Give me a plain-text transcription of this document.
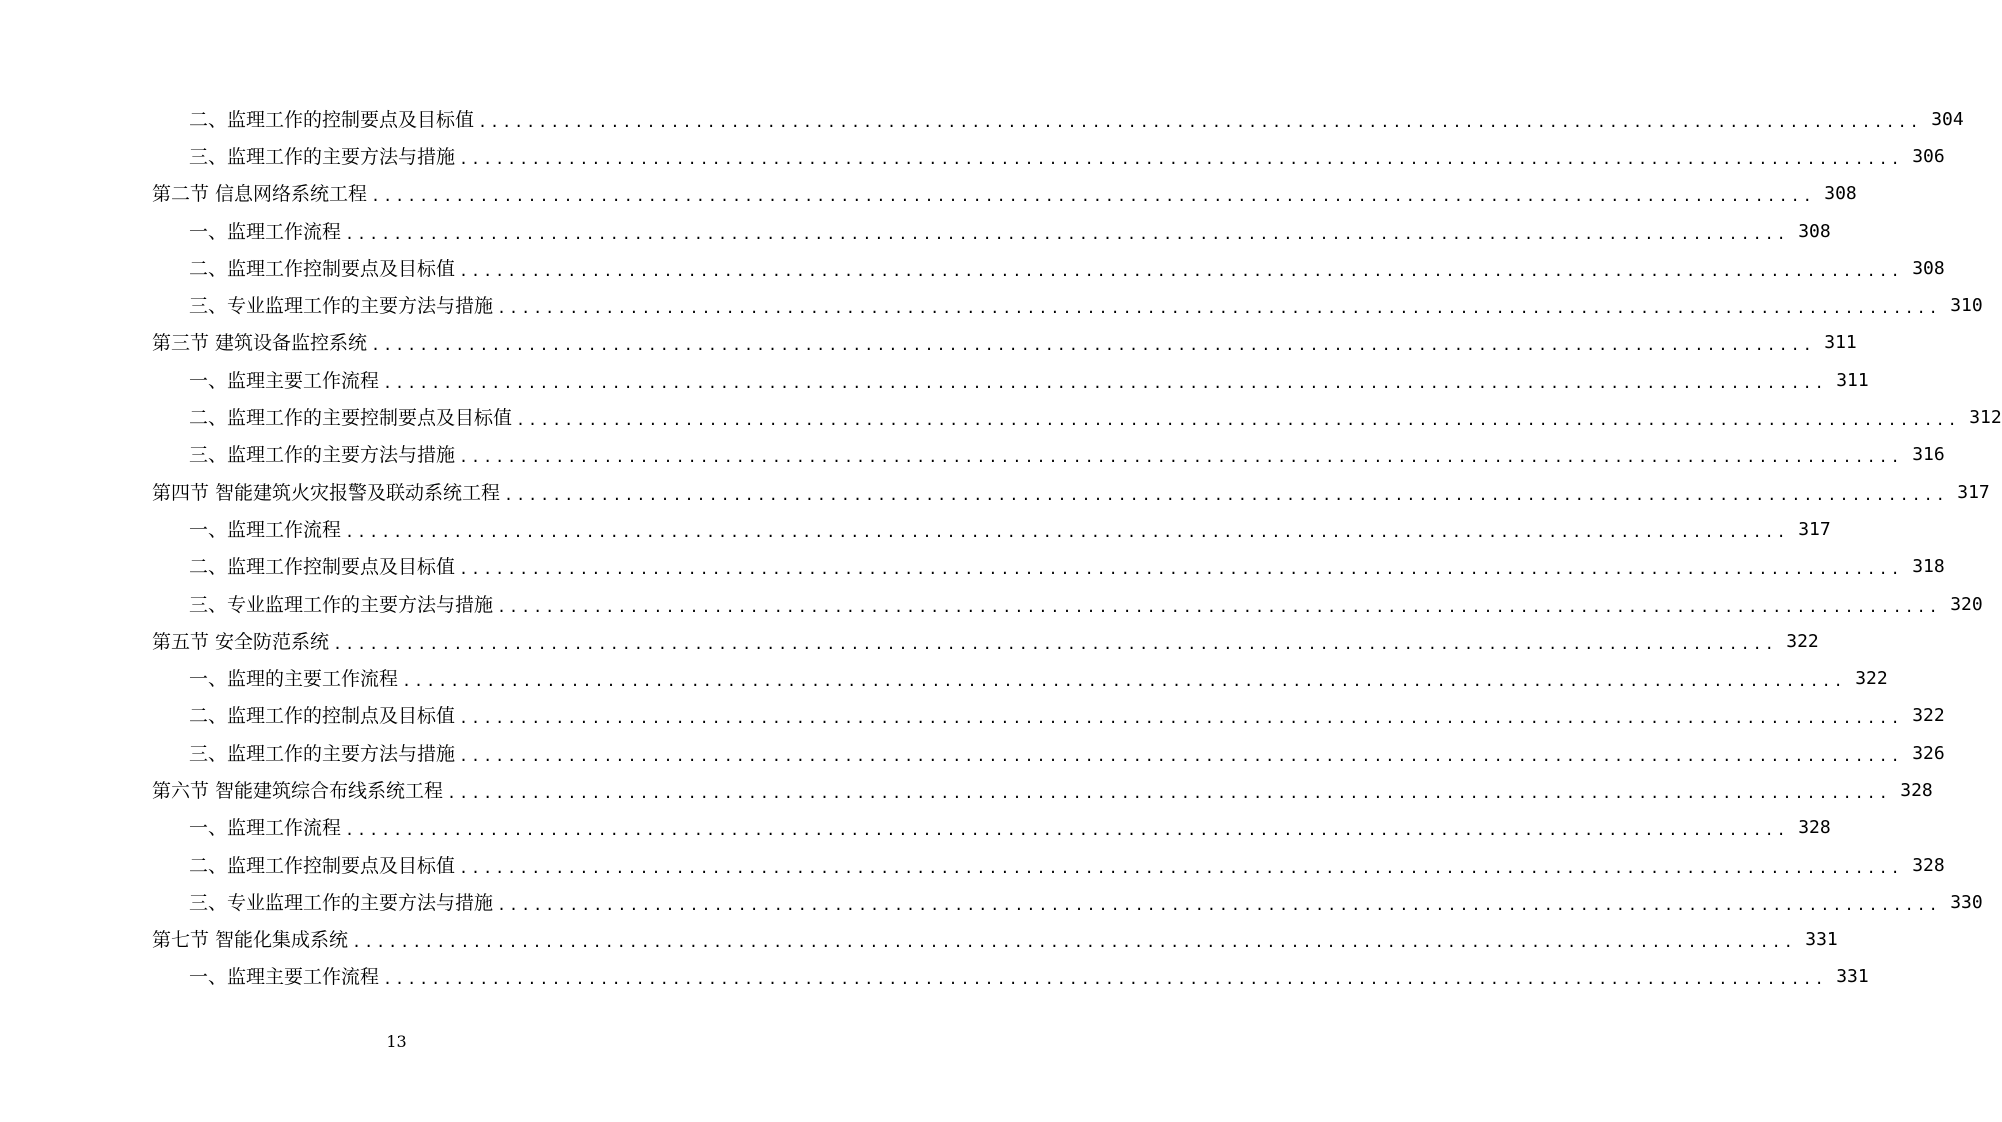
二、监理工作的控制要点及目标值 ........................................................................................................................ 304
三、监理工作的主要方法与措施 ........................................................................................................................ 306
第二节 信息网络系统工程 ........................................................................................................................ 308
一、监理工作流程 ........................................................................................................................ 308
二、监理工作控制要点及目标值 ........................................................................................................................ 308
三、专业监理工作的主要方法与措施 ........................................................................................................................ 310
第三节 建筑设备监控系统 ........................................................................................................................ 311
一、监理主要工作流程 ........................................................................................................................ 311
二、监理工作的主要控制要点及目标值 ........................................................................................................................ 312
三、监理工作的主要方法与措施 ........................................................................................................................ 316
第四节 智能建筑火灾报警及联动系统工程 ........................................................................................................................ 317
一、监理工作流程 ........................................................................................................................ 317
二、监理工作控制要点及目标值 ........................................................................................................................ 318
三、专业监理工作的主要方法与措施 ........................................................................................................................ 320
第五节 安全防范系统 ........................................................................................................................ 322
一、监理的主要工作流程 ........................................................................................................................ 322
二、监理工作的控制点及目标值 ........................................................................................................................ 322
三、监理工作的主要方法与措施 ........................................................................................................................ 326
第六节 智能建筑综合布线系统工程 ........................................................................................................................ 328
一、监理工作流程 ........................................................................................................................ 328
二、监理工作控制要点及目标值 ........................................................................................................................ 328
三、专业监理工作的主要方法与措施 ........................................................................................................................ 330
第七节 智能化集成系统 ........................................................................................................................ 331
一、监理主要工作流程 ........................................................................................................................ 331
13
